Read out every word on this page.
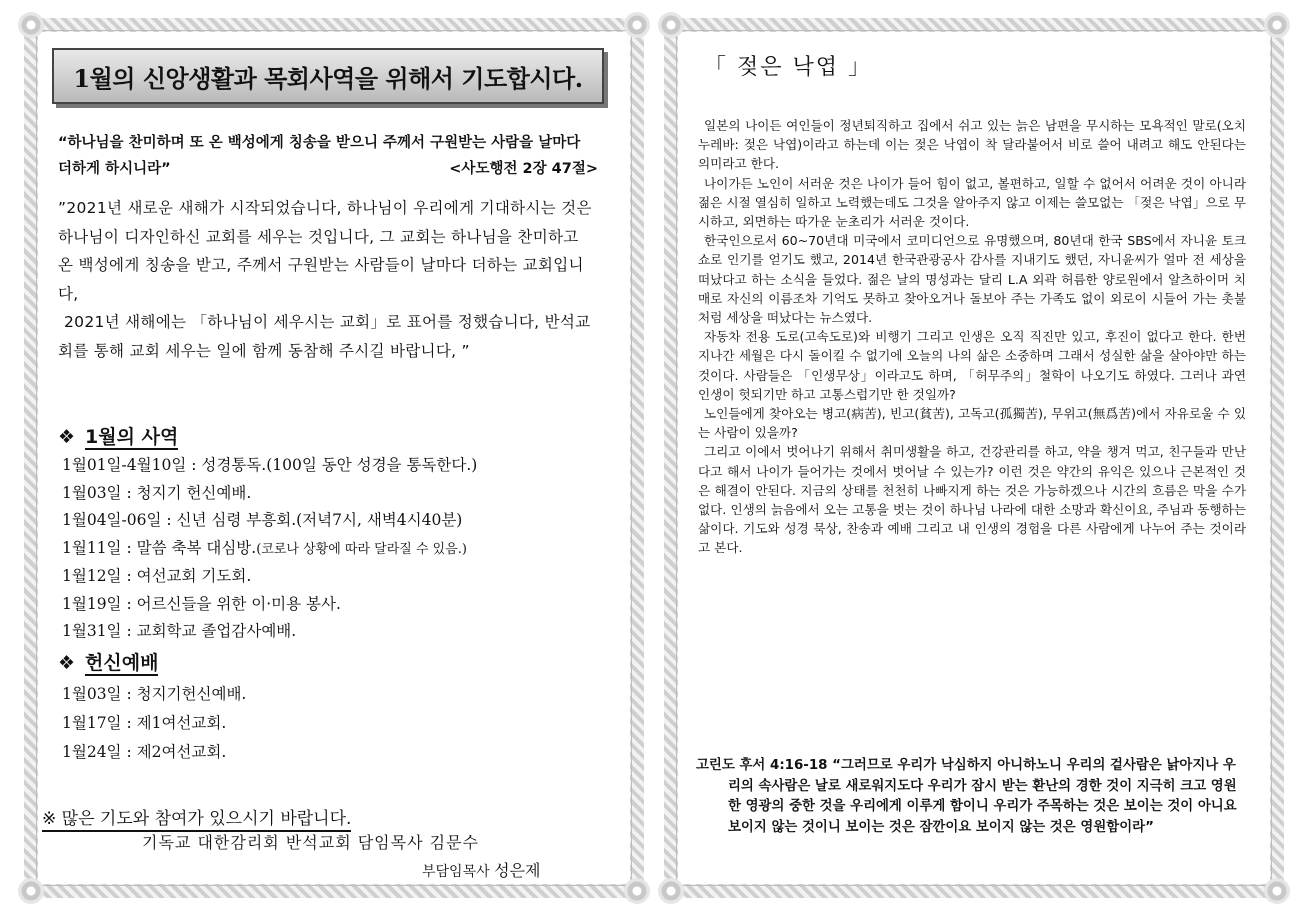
1월의 신앙생활과 목회사역을 위해서 기도합시다.
“하나님을 찬미하며 또 온 백성에게 칭송을 받으니 주께서 구원받는 사람을 날마다 더하게 하시니라”	<사도행전 2장 47절>
”2021년 새로운 새해가 시작되었습니다, 하나님이 우리에게 기대하시는 것은 하나님이 디자인하신 교회를 세우는 것입니다, 그 교회는 하나님을 찬미하고 온 백성에게 칭송을 받고, 주께서 구원받는 사람들이 날마다 더하는 교회입니다,
2021년 새해에는 「하나님이 세우시는 교회」로 표어를 정했습니다, 반석교회를 통해 교회 세우는 일에 함께 동참해 주시길 바랍니다, ”
❖ 1월의 사역
1월01일-4월10일 : 성경통독.(100일 동안 성경을 통독한다.)
1월03일 : 청지기 헌신예배.
1월04일-06일 : 신년 심령 부흥회.(저녁7시, 새벽4시40분)
1월11일 : 말씀 축복 대심방.(코로나 상황에 따라 달라질 수 있음.)
1월12일 : 여선교회 기도회.
1월19일 : 어르신들을 위한 이·미용 봉사.
1월31일 : 교회학교 졸업감사예배.
❖ 헌신예배
1월03일 : 청지기헌신예배.
1월17일 : 제1여선교회.
1월24일 : 제2여선교회.
※ 많은 기도와 참여가 있으시기 바랍니다.
기독교 대한감리회 반석교회 담임목사 김문수
부담임목사 성은제
「 젖은 낙엽 」

일본의 나이든 여인들이 정년퇴직하고 집에서 쉬고 있는 늙은 남편을 무시하는 모욕적인 말로(오치누레바: 젖은 낙엽)이라고 하는데 이는 젖은 낙엽이 착 달라붙어서 비로 쓸어 내려고 해도 안된다는 의미라고 한다.

나이가든 노인이 서러운 것은 나이가 들어 힘이 없고, 볼편하고, 일할 수 없어서 어려운 것이 아니라 젊은 시절 열심히 일하고 노력했는데도 그것을 알아주지 않고 이제는 쓸모없는 「젖은 낙엽」으로 무시하고, 외면하는 따가운 눈초리가 서러운 것이다.

한국인으로서 60~70년대 미국에서 코미디언으로 유명했으며, 80년대 한국 SBS에서 자니윤 토크쇼로 인기를 얻기도 했고, 2014년 한국관광공사 감사를 지내기도 했던, 자니윤씨가 얼마 전 세상을 떠났다고 하는 소식을 들었다. 젊은 날의 명성과는 달리 L.A 외곽 허름한 양로원에서 알츠하이머 치매로 자신의 이름조차 기억도 못하고 찾아오거나 돌보아 주는 가족도 없이 외로이 시들어 가는 촛불처럼 세상을 떠났다는 뉴스였다.

자동차 전용 도로(고속도로)와 비행기 그리고 인생은 오직 직진만 있고, 후진이 없다고 한다. 한번 지나간 세월은 다시 돌이킬 수 없기에 오늘의 나의 삶은 소중하며 그래서 성실한 삶을 살아야만 하는 것이다. 사람들은 「인생무상」이라고도 하며, 「허무주의」철학이 나오기도 하였다. 그러나 과연 인생이 헛되기만 하고 고통스럽기만 한 것일까?

노인들에게 찾아오는 병고(病苦), 빈고(貧苦), 고독고(孤獨苦), 무위고(無爲苦)에서 자유로울 수 있는 사람이 있을까?

그리고 이에서 벗어나기 위해서 취미생활을 하고, 건강관리를 하고, 약을 챙겨 먹고, 친구들과 만난다고 해서 나이가 들어가는 것에서 벗어날 수 있는가? 이런 것은 약간의 유익은 있으나 근본적인 것은 해결이 안된다. 지금의 상태를 천천히 나빠지게 하는 것은 가능하겠으나 시간의 흐름은 막을 수가 없다. 인생의 늙음에서 오는 고통을 벗는 것이 하나님 나라에 대한 소망과 확신이요, 주님과 동행하는 삶이다. 기도와 성경 묵상, 찬송과 예배 그리고 내 인생의 경험을 다른 사람에게 나누어 주는 것이라고 본다.

고린도 후서 4:16-18 “그러므로 우리가 낙심하지 아니하노니 우리의 겉사람은 낡아지나 우리의 속사람은 날로 새로워지도다 우리가 잠시 받는 환난의 경한 것이 지극히 크고 영원한 영광의 중한 것을 우리에게 이루게 함이니 우리가 주목하는 것은 보이는 것이 아니요 보이지 않는 것이니 보이는 것은 잠깐이요 보이지 않는 것은 영원함이라”
